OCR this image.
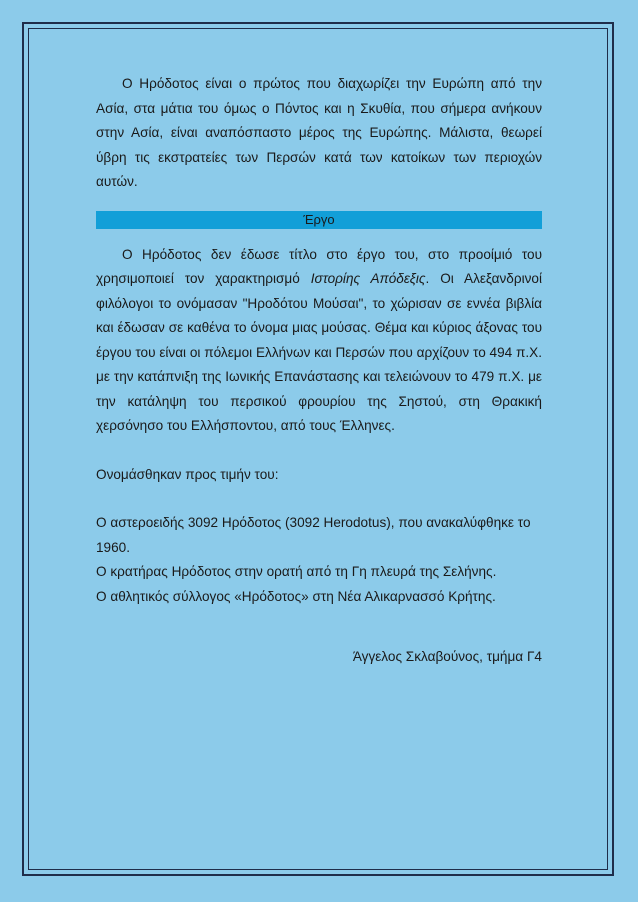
Ο Ηρόδοτος είναι ο πρώτος που διαχωρίζει την Ευρώπη από την Ασία, στα μάτια του όμως ο Πόντος και η Σκυθία, που σήμερα ανήκουν στην Ασία, είναι αναπόσπαστο μέρος της Ευρώπης. Μάλιστα, θεωρεί ύβρη τις εκστρατείες των Περσών κατά των κατοίκων των περιοχών αυτών.

Έργο

Ο Ηρόδοτος δεν έδωσε τίτλο στο έργο του, στο προοίμιό του χρησιμοποιεί τον χαρακτηρισμό Ιστορίης Απόδεξις. Οι Αλεξανδρινοί φιλόλογοι το ονόμασαν "Ηροδότου Μούσαι", το χώρισαν σε εννέα βιβλία και έδωσαν σε καθένα το όνομα μιας μούσας. Θέμα και κύριος άξονας του έργου του είναι οι πόλεμοι Ελλήνων και Περσών που αρχίζουν το 494 π.Χ. με την κατάπνιξη της Ιωνικής Επανάστασης και τελειώνουν το 479 π.Χ. με την κατάληψη του περσικού φρουρίου της Σηστού, στη Θρακική χερσόνησο του Ελλήσποντου, από τους Έλληνες.

Ονομάσθηκαν προς τιμήν του:

Ο αστεροειδής 3092 Ηρόδοτος (3092 Herodotus), που ανακαλύφθηκε το 1960.

Ο κρατήρας Ηρόδοτος στην ορατή από τη Γη πλευρά της Σελήνης.

Ο αθλητικός σύλλογος «Ηρόδοτος» στη Νέα Αλικαρνασσό Κρήτης.

Άγγελος Σκλαβούνος, τμήμα Γ4
